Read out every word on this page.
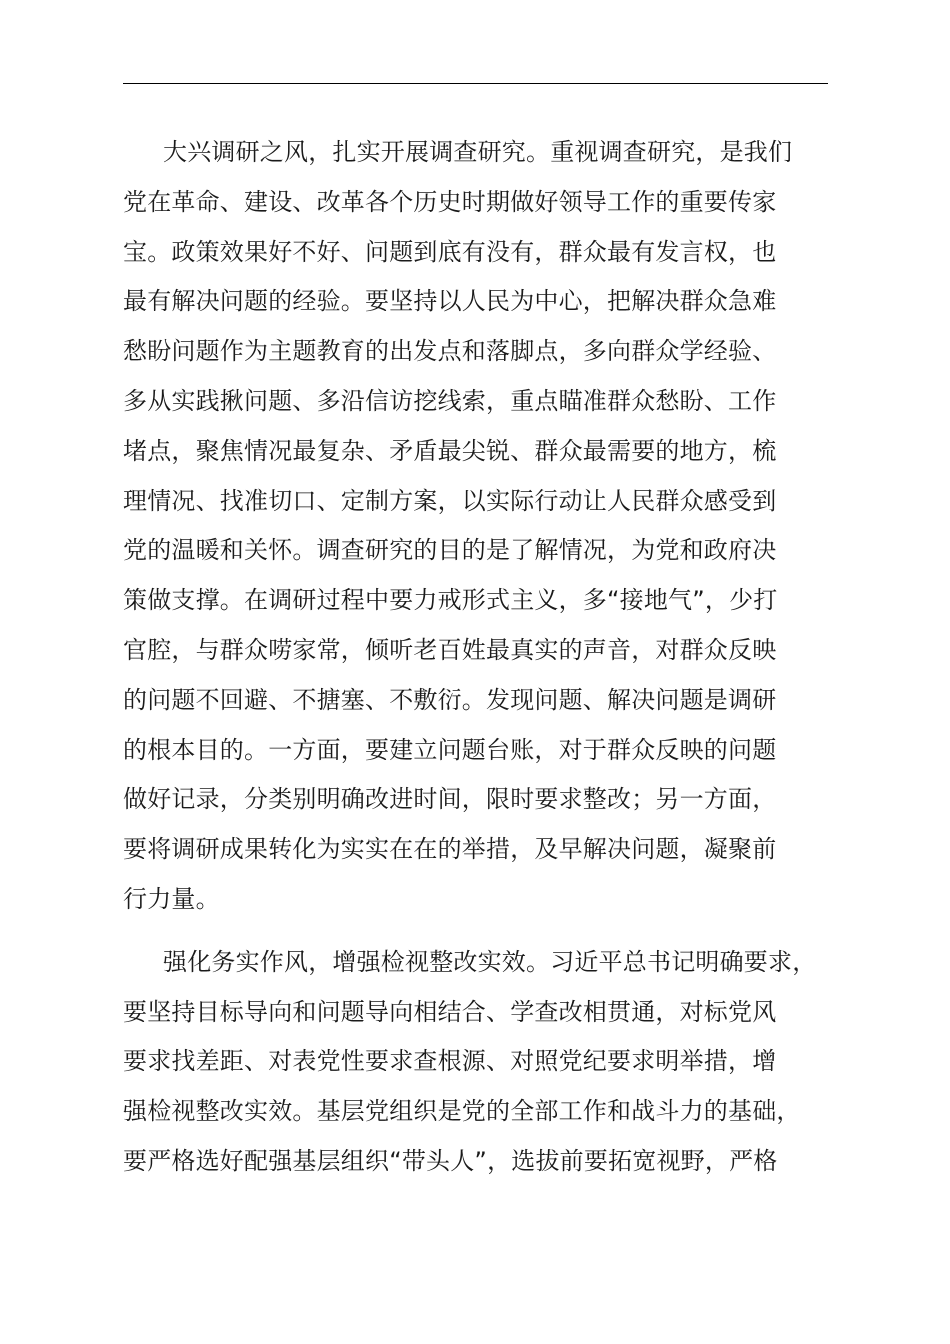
大兴调研之风，扎实开展调查研究。重视调查研究，是我们
党在革命、建设、改革各个历史时期做好领导工作的重要传家
宝。政策效果好不好、问题到底有没有，群众最有发言权，也
最有解决问题的经验。要坚持以人民为中心，把解决群众急难
愁盼问题作为主题教育的出发点和落脚点，多向群众学经验、
多从实践揪问题、多沿信访挖线索，重点瞄准群众愁盼、工作
堵点，聚焦情况最复杂、矛盾最尖锐、群众最需要的地方，梳
理情况、找准切口、定制方案，以实际行动让人民群众感受到
党的温暖和关怀。调查研究的目的是了解情况，为党和政府决
策做支撑。在调研过程中要力戒形式主义，多“接地气”，少打
官腔，与群众唠家常，倾听老百姓最真实的声音，对群众反映
的问题不回避、不搪塞、不敷衍。发现问题、解决问题是调研
的根本目的。一方面，要建立问题台账，对于群众反映的问题
做好记录，分类别明确改进时间，限时要求整改；另一方面，
要将调研成果转化为实实在在的举措，及早解决问题，凝聚前
行力量。
强化务实作风，增强检视整改实效。习近平总书记明确要求，
要坚持目标导向和问题导向相结合、学查改相贯通，对标党风
要求找差距、对表党性要求查根源、对照党纪要求明举措，增
强检视整改实效。基层党组织是党的全部工作和战斗力的基础，
要严格选好配强基层组织“带头人”，选拔前要拓宽视野，严格
